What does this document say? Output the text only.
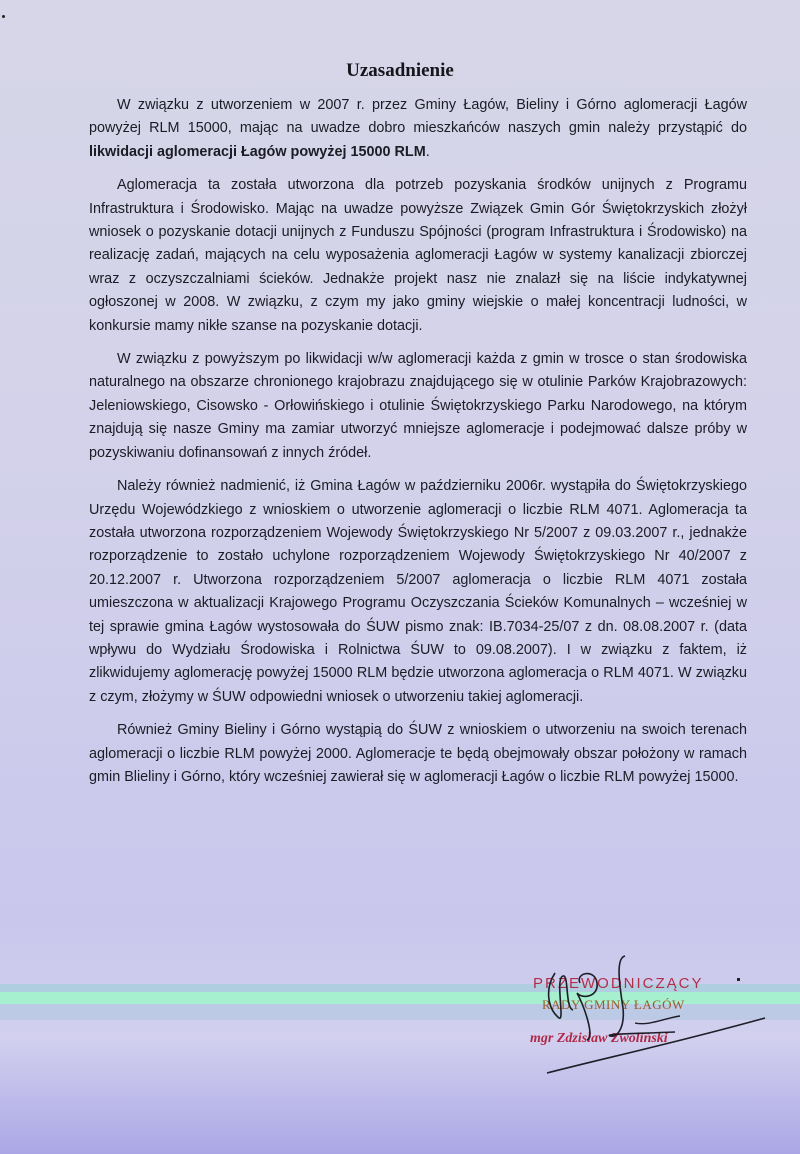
Uzasadnienie

W związku z utworzeniem w 2007 r. przez Gminy Łagów, Bieliny i Górno aglomeracji Łagów powyżej RLM 15000, mając na uwadze dobro mieszkańców naszych gmin należy przystąpić do likwidacji aglomeracji Łagów powyżej 15000 RLM.

Aglomeracja ta została utworzona dla potrzeb pozyskania środków unijnych z Programu Infrastruktura i Środowisko. Mając na uwadze powyższe Związek Gmin Gór Świętokrzyskich złożył wniosek o pozyskanie dotacji unijnych z Funduszu Spójności (program Infrastruktura i Środowisko) na realizację zadań, mających na celu wyposażenia aglomeracji Łagów w systemy kanalizacji zbiorczej wraz z oczyszczalniami ścieków. Jednakże projekt nasz nie znalazł się na liście indykatywnej ogłoszonej w 2008. W związku, z czym my jako gminy wiejskie o małej koncentracji ludności, w konkursie mamy nikłe szanse na pozyskanie dotacji.

W związku z powyższym po likwidacji w/w aglomeracji każda z gmin w trosce o stan środowiska naturalnego na obszarze chronionego krajobrazu znajdującego się w otulinie Parków Krajobrazowych: Jeleniowskiego, Cisowsko - Orłowińskiego i otulinie Świętokrzyskiego Parku Narodowego, na którym znajdują się nasze Gminy ma zamiar utworzyć mniejsze aglomeracje i podejmować dalsze próby w pozyskiwaniu dofinansowań z innych źródeł.

Należy również nadmienić, iż Gmina Łagów w październiku 2006r. wystąpiła do Świętokrzyskiego Urzędu Wojewódzkiego z wnioskiem o utworzenie aglomeracji o liczbie RLM 4071. Aglomeracja ta została utworzona rozporządzeniem Wojewody Świętokrzyskiego Nr 5/2007 z 09.03.2007 r., jednakże rozporządzenie to zostało uchylone rozporządzeniem Wojewody Świętokrzyskiego Nr 40/2007 z 20.12.2007 r. Utworzona rozporządzeniem 5/2007 aglomeracja o liczbie RLM 4071 została umieszczona w aktualizacji Krajowego Programu Oczyszczania Ścieków Komunalnych – wcześniej w tej sprawie gmina Łagów wystosowała do ŚUW pismo znak: IB.7034-25/07 z dn. 08.08.2007 r. (data wpływu do Wydziału Środowiska i Rolnictwa ŚUW to 09.08.2007). I w związku z faktem, iż zlikwidujemy aglomerację powyżej 15000 RLM będzie utworzona aglomeracja o RLM 4071. W związku z czym, złożymy w ŚUW odpowiedni wniosek o utworzeniu takiej aglomeracji.

Również Gminy Bieliny i Górno wystąpią do ŚUW z wnioskiem o utworzeniu na swoich terenach aglomeracji o liczbie RLM powyżej 2000. Aglomeracje te będą obejmowały obszar położony w ramach gmin Blieliny i Górno, który wcześniej zawierał się w aglomeracji Łagów o liczbie RLM powyżej 15000.

PRZEWODNICZĄCY
RADY GMINY ŁAGÓW
mgr Zdzisław Zwoliński
